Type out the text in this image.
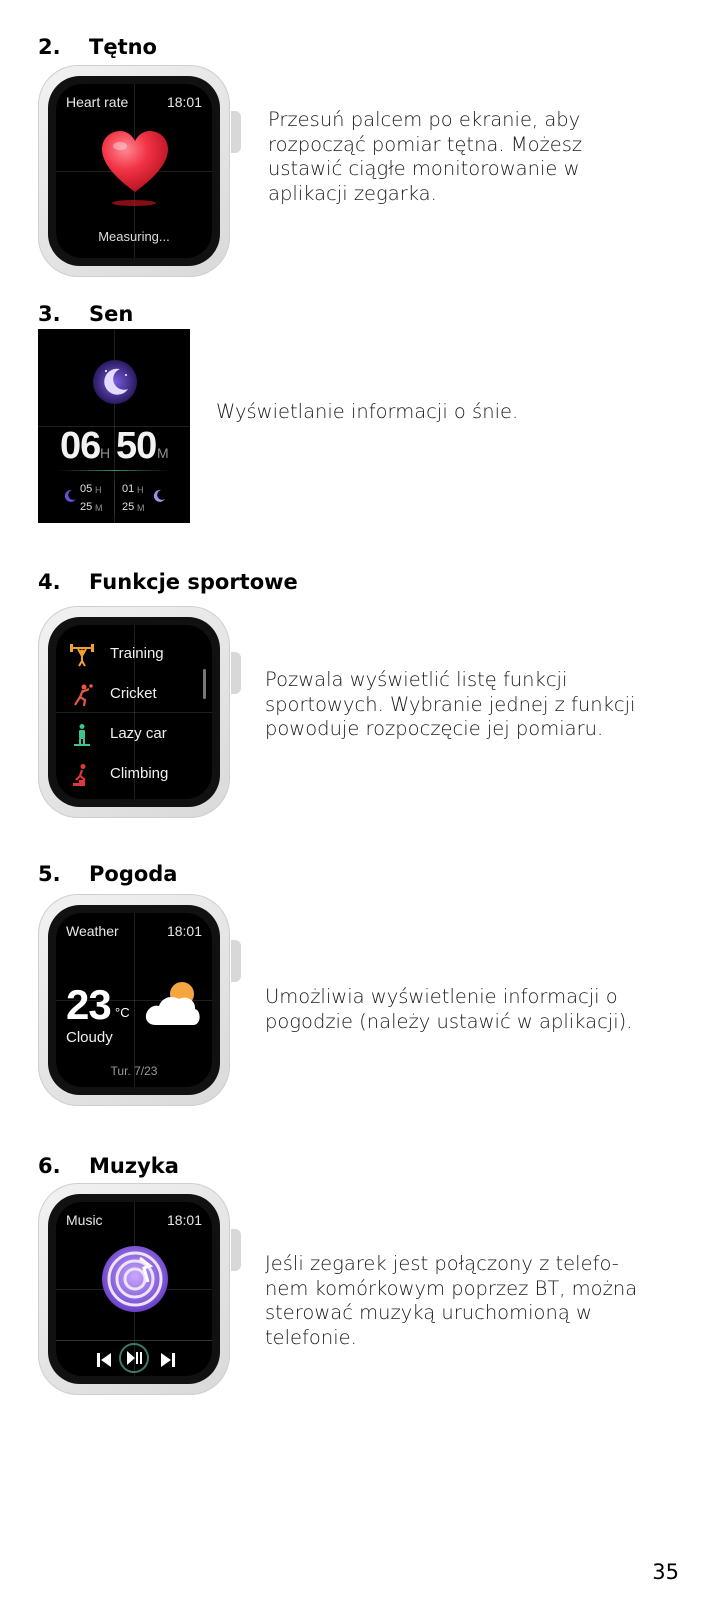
2. Tętno
Heart rate	18:01
Measuring...
Przesuń palcem po ekranie, aby rozpocząć pomiar tętna. Możesz ustawić ciągłe monitorowanie w aplikacji zegarka.
3. Sen
06 H 50 M
05 H
25 M
01 H
25 M
Wyświetlanie informacji o śnie.
4. Funkcje sportowe
Training
Cricket
Lazy car
Climbing
Pozwala wyświetlić listę funkcji sportowych. Wybranie jednej z funkcji powoduje rozpoczęcie jej pomiaru.
5. Pogoda
Weather	18:01
23 °C
Cloudy
Tur. 7/23
Umożliwia wyświetlenie informacji o pogodzie (należy ustawić w aplikacji).
6. Muzyka
Music	18:01
Jeśli zegarek jest połączony z telefo-nem komórkowym poprzez BT, można sterować muzyką uruchomioną w telefonie.
35
